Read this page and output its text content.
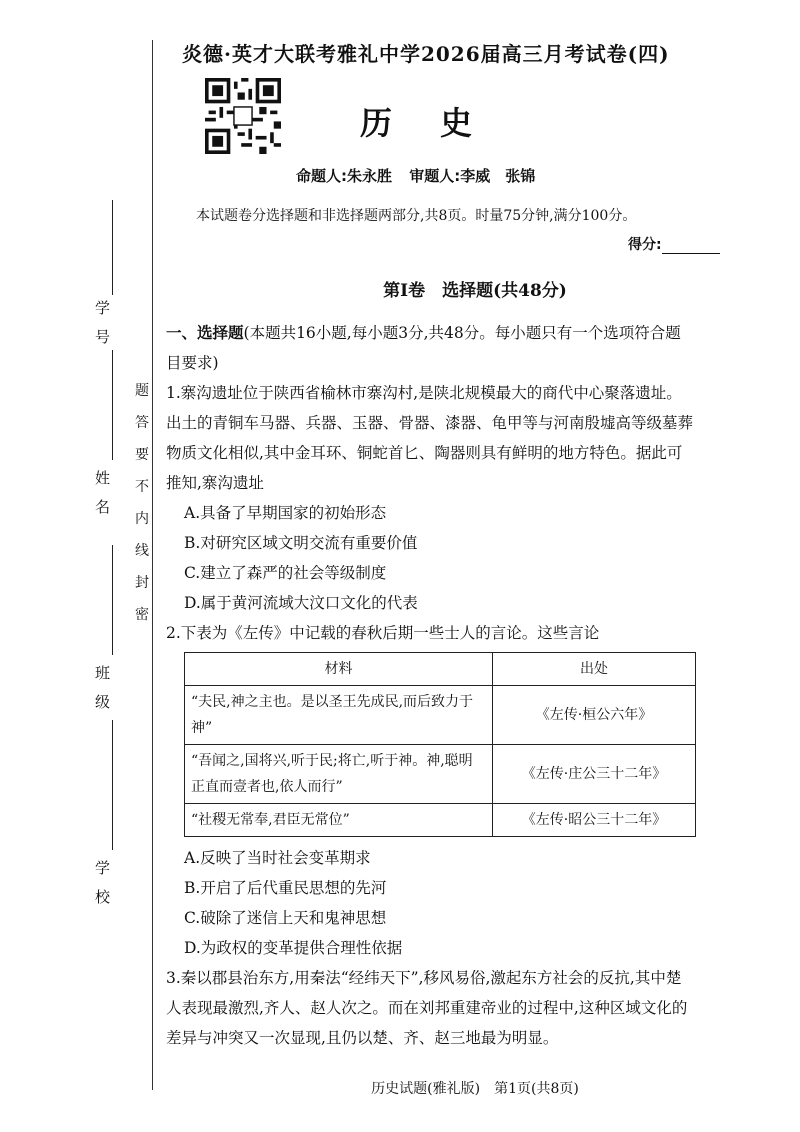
学号
姓名
班级
学校
题
答
要
不
内
线
封
密
炎德·英才大联考雅礼中学2026届高三月考试卷(四)
历史
命题人:朱永胜 审题人:李威　张锦
本试题卷分选择题和非选择题两部分,共8页。时量75分钟,满分100分。
得分:
第Ⅰ卷　选择题(共48分)

一、选择题(本题共16小题,每小题3分,共48分。每小题只有一个选项符合题目要求)

1.寨沟遗址位于陕西省榆林市寨沟村,是陕北规模最大的商代中心聚落遗址。出土的青铜车马器、兵器、玉器、骨器、漆器、龟甲等与河南殷墟高等级墓葬物质文化相似,其中金耳环、铜蛇首匕、陶器则具有鲜明的地方特色。据此可推知,寨沟遗址

A.具备了早期国家的初始形态

B.对研究区域文明交流有重要价值

C.建立了森严的社会等级制度

D.属于黄河流域大汶口文化的代表

2.下表为《左传》中记载的春秋后期一些士人的言论。这些言论

材料	出处
“夫民,神之主也。是以圣王先成民,而后致力于神”	《左传·桓公六年》
“吾闻之,国将兴,听于民;将亡,听于神。神,聪明正直而壹者也,依人而行”	《左传·庄公三十二年》
“社稷无常奉,君臣无常位”	《左传·昭公三十二年》

A.反映了当时社会变革期求

B.开启了后代重民思想的先河

C.破除了迷信上天和鬼神思想

D.为政权的变革提供合理性依据

3.秦以郡县治东方,用秦法“经纬天下”,移风易俗,激起东方社会的反抗,其中楚人表现最激烈,齐人、赵人次之。而在刘邦重建帝业的过程中,这种区域文化的差异与冲突又一次显现,且仍以楚、齐、赵三地最为明显。

历史试题(雅礼版)　第1页(共8页)
